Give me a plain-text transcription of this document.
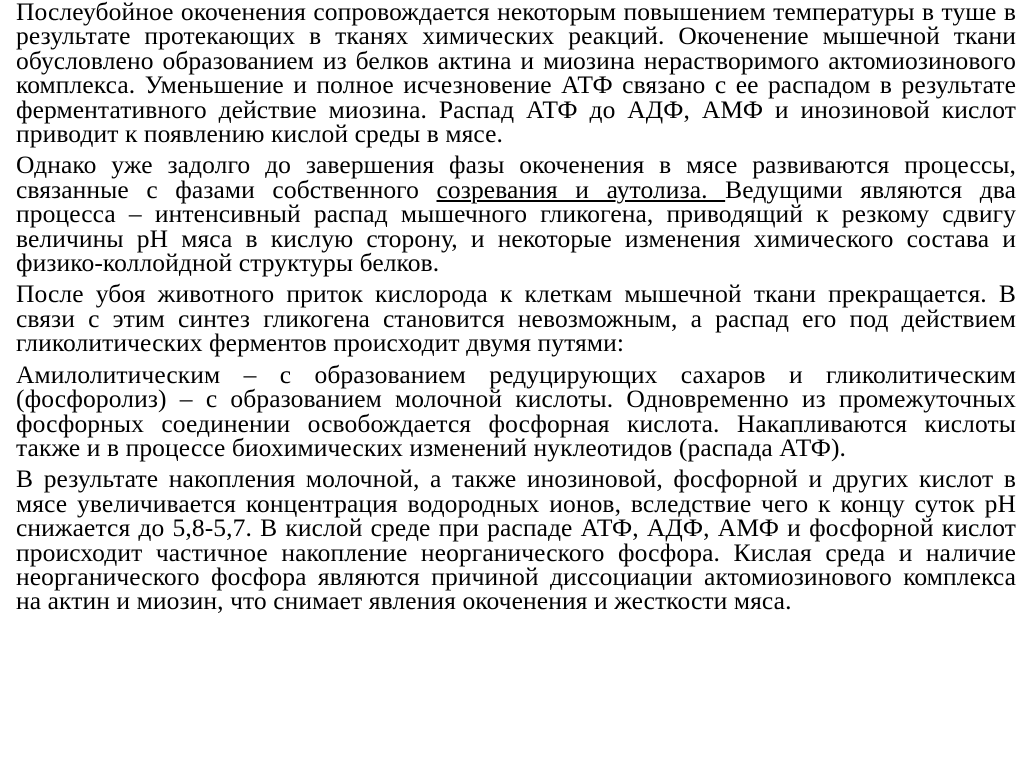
Послеубойное окоченения сопровождается некоторым повышением температуры в туше в результате протекающих в тканях химических реакций. Окоченение мышечной ткани обусловлено образованием из белков актина и миозина нерастворимого актомиозинового комплекса. Уменьшение и полное исчезновение АТФ связано с ее распадом в результате ферментативного действие миозина. Распад АТФ до АДФ, АМФ и инозиновой кислот приводит к появлению кислой среды в мясе.

Однако уже задолго до завершения фазы окоченения в мясе развиваются процессы, связанные с фазами собственного созревания и аутолиза. Ведущими являются два процесса – интенсивный распад мышечного гликогена, приводящий к резкому сдвигу величины рН мяса в кислую сторону, и некоторые изменения химического состава и физико-коллойдной структуры белков.

После убоя животного приток кислорода к клеткам мышечной ткани прекращается. В связи с этим синтез гликогена становится невозможным, а распад его под действием гликолитических ферментов происходит двумя путями:

Амилолитическим – с образованием редуцирующих сахаров и гликолитическим (фосфоролиз) – с образованием молочной кислоты. Одновременно из промежуточных фосфорных соединении освобождается фосфорная кислота. Накапливаются кислоты также и в процессе биохимических изменений нуклеотидов (распада АТФ).

В результате накопления молочной, а также инозиновой, фосфорной и других кислот в мясе увеличивается концентрация водородных ионов, вследствие чего к концу суток рН снижается до 5,8-5,7. В кислой среде при распаде АТФ, АДФ, АМФ и фосфорной кислот происходит частичное накопление неорганического фосфора. Кислая среда и наличие неорганического фосфора являются причиной диссоциации актомиозинового комплекса на актин и миозин, что снимает явления окоченения и жесткости мяса.
